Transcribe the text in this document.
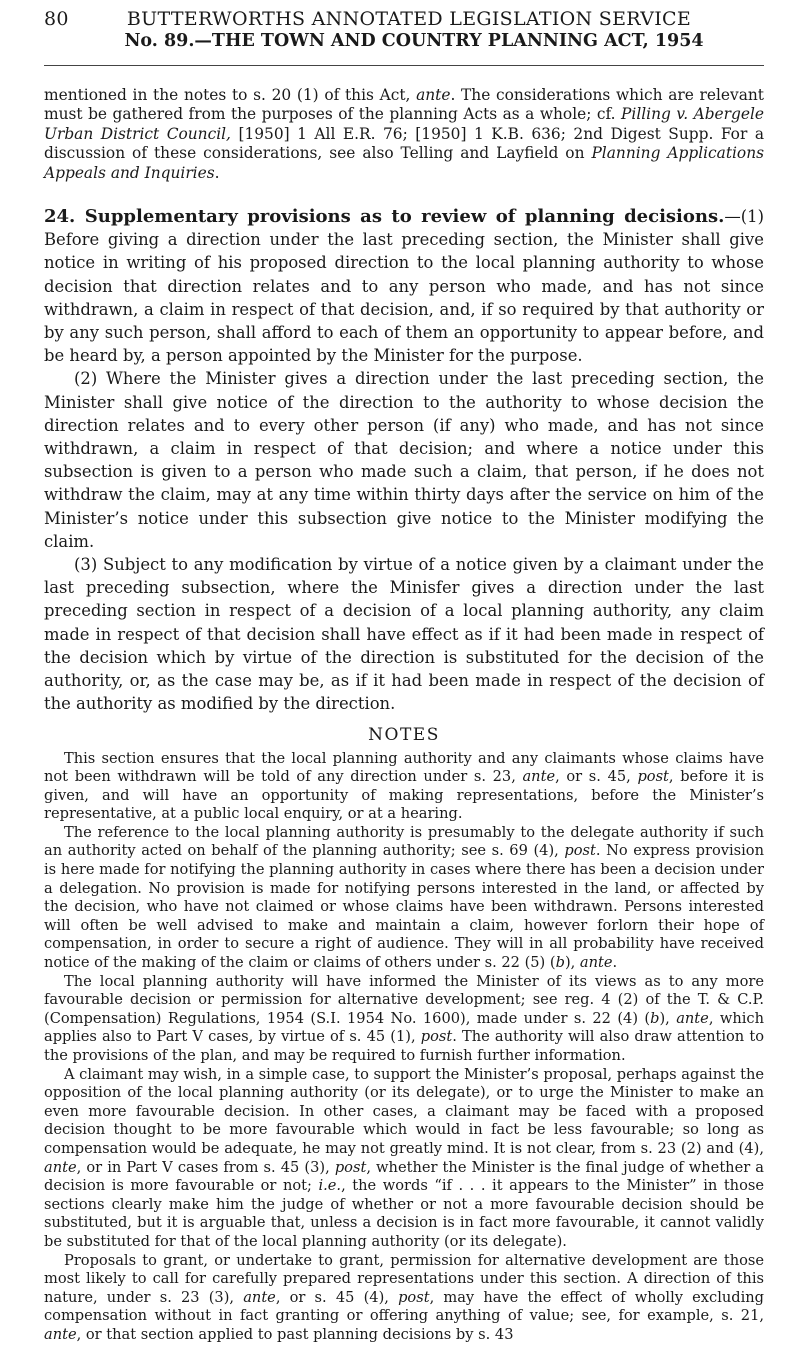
80	BUTTERWORTHS ANNOTATED LEGISLATION SERVICE
No. 89.—THE TOWN AND COUNTRY PLANNING ACT, 1954
mentioned in the notes to s. 20 (1) of this Act, ante. The considerations which are relevant must be gathered from the purposes of the planning Acts as a whole; cf. Pilling v. Abergele Urban District Council, [1950] 1 All E.R. 76; [1950] 1 K.B. 636; 2nd Digest Supp. For a discussion of these considerations, see also Telling and Layfield on Planning Applications Appeals and Inquiries.

24. Supplementary provisions as to review of planning decisions.—(1) Before giving a direction under the last preceding section, the Minister shall give notice in writing of his proposed direction to the local planning authority to whose decision that direction relates and to any person who made, and has not since withdrawn, a claim in respect of that decision, and, if so required by that authority or by any such person, shall afford to each of them an opportunity to appear before, and be heard by, a person appointed by the Minister for the purpose.

(2) Where the Minister gives a direction under the last preceding section, the Minister shall give notice of the direction to the authority to whose decision the direction relates and to every other person (if any) who made, and has not since withdrawn, a claim in respect of that decision; and where a notice under this subsection is given to a person who made such a claim, that person, if he does not withdraw the claim, may at any time within thirty days after the service on him of the Minister’s notice under this subsection give notice to the Minister modifying the claim.

(3) Subject to any modification by virtue of a notice given by a claimant under the last preceding subsection, where the Minisfer gives a direction under the last preceding section in respect of a decision of a local planning authority, any claim made in respect of that decision shall have effect as if it had been made in respect of the decision which by virtue of the direction is substituted for the decision of the authority, or, as the case may be, as if it had been made in respect of the decision of the authority as modified by the direction.

NOTES

This section ensures that the local planning authority and any claimants whose claims have not been withdrawn will be told of any direction under s. 23, ante, or s. 45, post, before it is given, and will have an opportunity of making representations, before the Minister’s representative, at a public local enquiry, or at a hearing.

The reference to the local planning authority is presumably to the delegate authority if such an authority acted on behalf of the planning authority; see s. 69 (4), post. No express provision is here made for notifying the planning authority in cases where there has been a decision under a delegation. No provision is made for notifying persons interested in the land, or affected by the decision, who have not claimed or whose claims have been withdrawn. Persons interested will often be well advised to make and maintain a claim, however forlorn their hope of compensation, in order to secure a right of audience. They will in all probability have received notice of the making of the claim or claims of others under s. 22 (5) (b), ante.

The local planning authority will have informed the Minister of its views as to any more favourable decision or permission for alternative development; see reg. 4 (2) of the T. & C.P. (Compensation) Regulations, 1954 (S.I. 1954 No. 1600), made under s. 22 (4) (b), ante, which applies also to Part V cases, by virtue of s. 45 (1), post. The authority will also draw attention to the provisions of the plan, and may be required to furnish further information.

A claimant may wish, in a simple case, to support the Minister’s proposal, perhaps against the opposition of the local planning authority (or its delegate), or to urge the Minister to make an even more favourable decision. In other cases, a claimant may be faced with a proposed decision thought to be more favourable which would in fact be less favourable; so long as compensation would be adequate, he may not greatly mind. It is not clear, from s. 23 (2) and (4), ante, or in Part V cases from s. 45 (3), post, whether the Minister is the final judge of whether a decision is more favourable or not; i.e., the words “if . . . it appears to the Minister” in those sections clearly make him the judge of whether or not a more favourable decision should be substituted, but it is arguable that, unless a decision is in fact more favourable, it cannot validly be substituted for that of the local planning authority (or its delegate).

Proposals to grant, or undertake to grant, permission for alternative development are those most likely to call for carefully prepared representations under this section. A direction of this nature, under s. 23 (3), ante, or s. 45 (4), post, may have the effect of wholly excluding compensation without in fact granting or offering anything of value; see, for example, s. 21, ante, or that section applied to past planning decisions by s. 43
